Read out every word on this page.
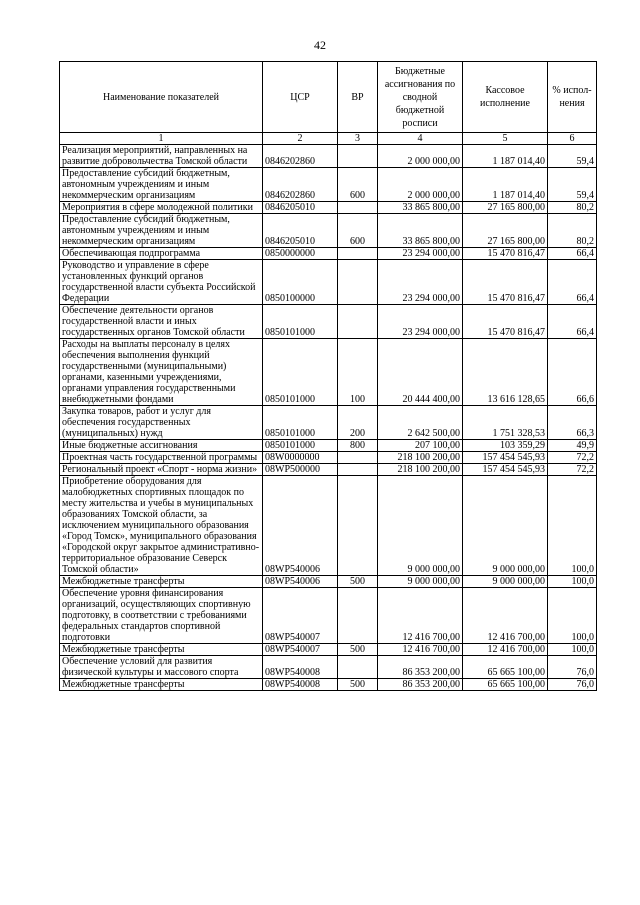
42
Наименование показателей	ЦСР	ВР	Бюджетные ассигнования по сводной бюджетной росписи	Кассовое исполнение	% испол-нения
1	2	3	4	5	6
Реализация мероприятий, направленных на развитие добровольчества Томской области	0846202860		2 000 000,00	1 187 014,40	59,4
Предоставление субсидий бюджетным, автономным учреждениям и иным некоммерческим организациям	0846202860	600	2 000 000,00	1 187 014,40	59,4
Мероприятия в сфере молодежной политики	0846205010		33 865 800,00	27 165 800,00	80,2
Предоставление субсидий бюджетным, автономным учреждениям и иным некоммерческим организациям	0846205010	600	33 865 800,00	27 165 800,00	80,2
Обеспечивающая подпрограмма	0850000000		23 294 000,00	15 470 816,47	66,4
Руководство и управление в сфере установленных функций органов государственной власти субъекта Российской Федерации	0850100000		23 294 000,00	15 470 816,47	66,4
Обеспечение деятельности органов государственной власти и иных государственных органов Томской области	0850101000		23 294 000,00	15 470 816,47	66,4
Расходы на выплаты персоналу в целях обеспечения выполнения функций государственными (муниципальными) органами, казенными учреждениями, органами управления государственными внебюджетными фондами	0850101000	100	20 444 400,00	13 616 128,65	66,6
Закупка товаров, работ и услуг для обеспечения государственных (муниципальных) нужд	0850101000	200	2 642 500,00	1 751 328,53	66,3
Иные бюджетные ассигнования	0850101000	800	207 100,00	103 359,29	49,9
Проектная часть государственной программы	08W0000000		218 100 200,00	157 454 545,93	72,2
Региональный проект «Спорт - норма жизни»	08WP500000		218 100 200,00	157 454 545,93	72,2
Приобретение оборудования для малобюджетных спортивных площадок по месту жительства и учебы в муниципальных образованиях Томской области, за исключением муниципального образования «Город Томск», муниципального образования «Городской округ закрытое административно-территориальное образование Северск Томской области»	08WP540006		9 000 000,00	9 000 000,00	100,0
Межбюджетные трансферты	08WP540006	500	9 000 000,00	9 000 000,00	100,0
Обеспечение уровня финансирования организаций, осуществляющих спортивную подготовку, в соответствии с требованиями федеральных стандартов спортивной подготовки	08WP540007		12 416 700,00	12 416 700,00	100,0
Межбюджетные трансферты	08WP540007	500	12 416 700,00	12 416 700,00	100,0
Обеспечение условий для развития физической культуры и массового спорта	08WP540008		86 353 200,00	65 665 100,00	76,0
Межбюджетные трансферты	08WP540008	500	86 353 200,00	65 665 100,00	76,0
